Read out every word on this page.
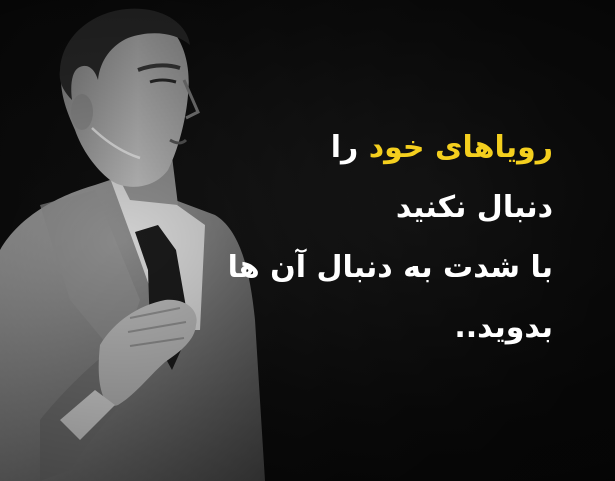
رویاهای خود را
دنبال نکنید
با شدت به دنبال آن ها
بدوید..
